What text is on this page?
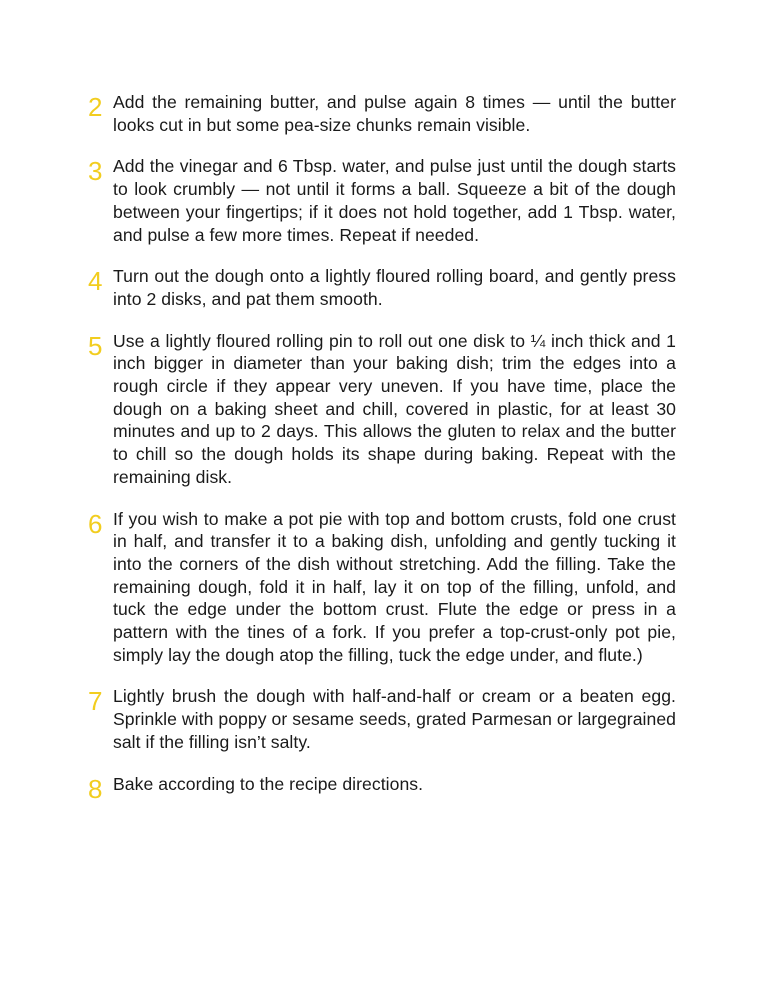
2 Add the remaining butter, and pulse again 8 times — until the butter looks cut in but some pea-size chunks remain visible.

3 Add the vinegar and 6 Tbsp. water, and pulse just until the dough starts to look crumbly — not until it forms a ball. Squeeze a bit of the dough between your fingertips; if it does not hold together, add 1 Tbsp. water, and pulse a few more times. Repeat if needed.

4 Turn out the dough onto a lightly floured rolling board, and gently press into 2 disks, and pat them smooth.

5 Use a lightly floured rolling pin to roll out one disk to ¼ inch thick and 1 inch bigger in diameter than your baking dish; trim the edges into a rough circle if they appear very uneven. If you have time, place the dough on a baking sheet and chill, covered in plastic, for at least 30 minutes and up to 2 days. This allows the gluten to relax and the butter to chill so the dough holds its shape during baking. Repeat with the remaining disk.

6 If you wish to make a pot pie with top and bottom crusts, fold one crust in half, and transfer it to a baking dish, unfolding and gently tucking it into the corners of the dish without stretching. Add the filling. Take the remaining dough, fold it in half, lay it on top of the filling, unfold, and tuck the edge under the bottom crust. Flute the edge or press in a pattern with the tines of a fork. If you prefer a top-crust-only pot pie, simply lay the dough atop the filling, tuck the edge under, and flute.)

7 Lightly brush the dough with half-and-half or cream or a beaten egg. Sprinkle with poppy or sesame seeds, grated Parmesan or largegrained salt if the filling isn’t salty.

8 Bake according to the recipe directions.
